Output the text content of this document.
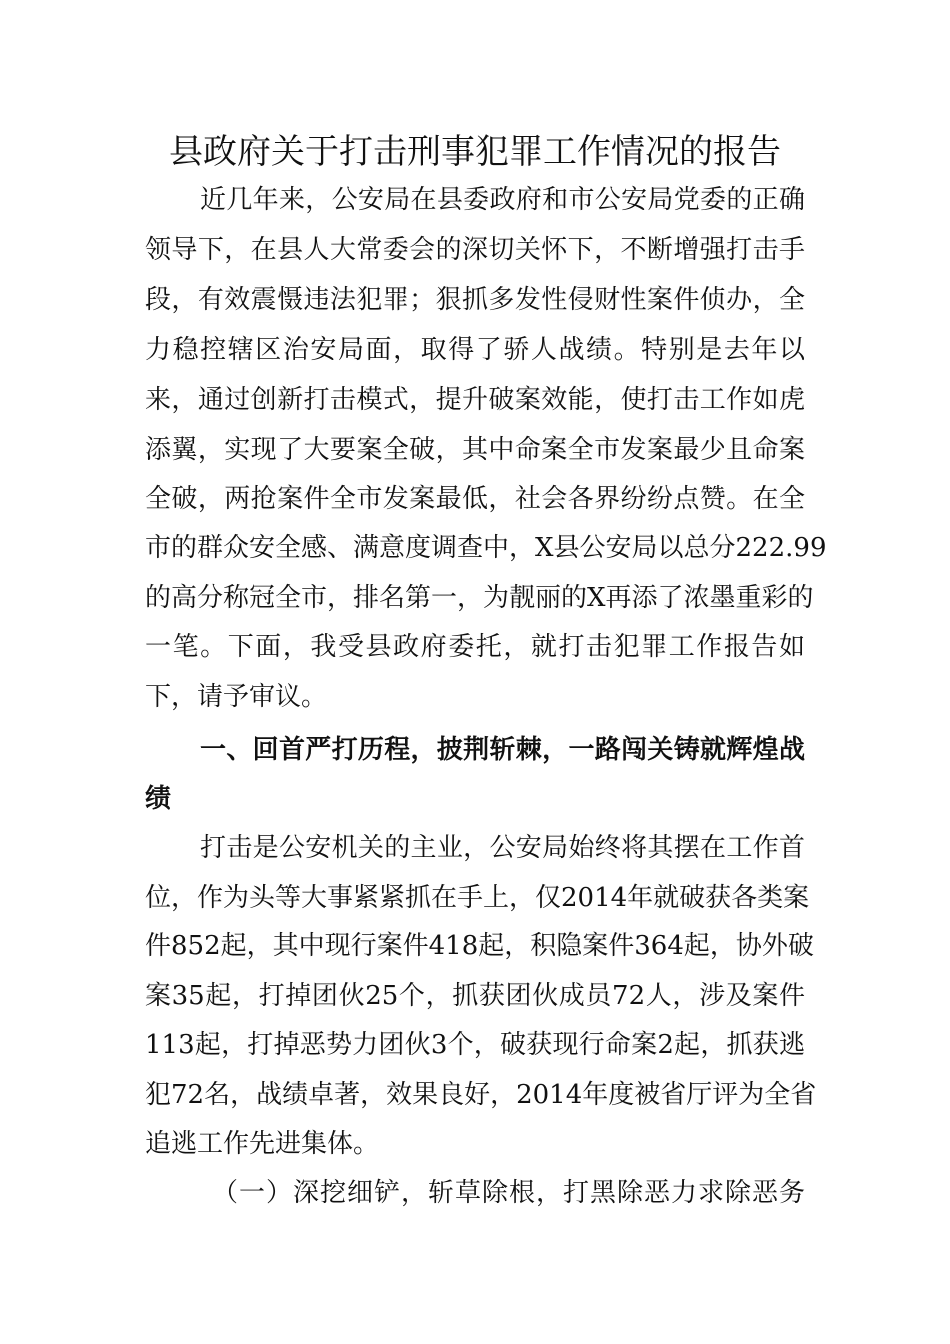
县政府关于打击刑事犯罪工作情况的报告
近几年来，公安局在县委政府和市公安局党委的正确
领导下，在县人大常委会的深切关怀下，不断增强打击手
段，有效震慑违法犯罪；狠抓多发性侵财性案件侦办，全
力稳控辖区治安局面，取得了骄人战绩。特别是去年以
来，通过创新打击模式，提升破案效能，使打击工作如虎
添翼，实现了大要案全破，其中命案全市发案最少且命案
全破，两抢案件全市发案最低，社会各界纷纷点赞。在全
市的群众安全感、满意度调查中，X县公安局以总分222.99
的高分称冠全市，排名第一，为靓丽的X再添了浓墨重彩的
一笔。下面，我受县政府委托，就打击犯罪工作报告如
下，请予审议。
一、回首严打历程，披荆斩棘，一路闯关铸就辉煌战
绩
打击是公安机关的主业，公安局始终将其摆在工作首
位，作为头等大事紧紧抓在手上，仅2014年就破获各类案
件852起，其中现行案件418起，积隐案件364起，协外破
案35起，打掉团伙25个，抓获团伙成员72人，涉及案件
113起，打掉恶势力团伙3个，破获现行命案2起，抓获逃
犯72名，战绩卓著，效果良好，2014年度被省厅评为全省
追逃工作先进集体。
（一）深挖细铲，斩草除根，打黑除恶力求除恶务
